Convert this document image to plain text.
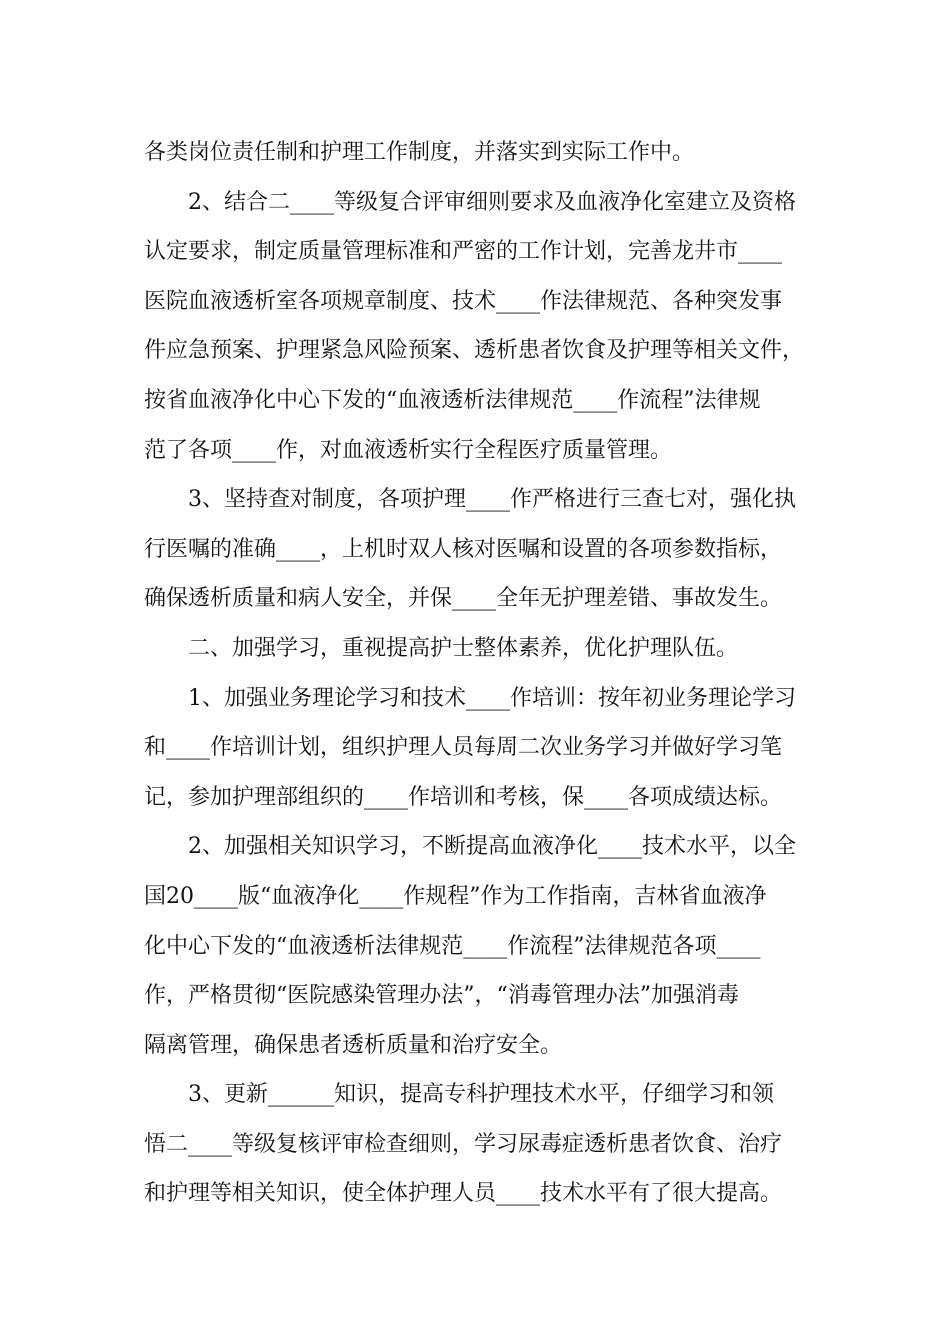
各类岗位责任制和护理工作制度，并落实到实际工作中。
2、结合二____等级复合评审细则要求及血液净化室建立及资格
认定要求，制定质量管理标准和严密的工作计划，完善龙井市____
医院血液透析室各项规章制度、技术____作法律规范、各种突发事
件应急预案、护理紧急风险预案、透析患者饮食及护理等相关文件，
按省血液净化中心下发的“血液透析法律规范____作流程”法律规
范了各项____作，对血液透析实行全程医疗质量管理。
3、坚持查对制度，各项护理____作严格进行三查七对，强化执
行医嘱的准确____，上机时双人核对医嘱和设置的各项参数指标，
确保透析质量和病人安全，并保____全年无护理差错、事故发生。
二、加强学习，重视提高护士整体素养，优化护理队伍。
1、加强业务理论学习和技术____作培训：按年初业务理论学习
和____作培训计划，组织护理人员每周二次业务学习并做好学习笔
记，参加护理部组织的____作培训和考核，保____各项成绩达标。
2、加强相关知识学习，不断提高血液净化____技术水平，以全
国20____版“血液净化____作规程”作为工作指南，吉林省血液净
化中心下发的“血液透析法律规范____作流程”法律规范各项____
作，严格贯彻“医院感染管理办法”，“消毒管理办法”加强消毒
隔离管理，确保患者透析质量和治疗安全。
3、更新______知识，提高专科护理技术水平，仔细学习和领
悟二____等级复核评审检查细则，学习尿毒症透析患者饮食、治疗
和护理等相关知识，使全体护理人员____技术水平有了很大提高。
